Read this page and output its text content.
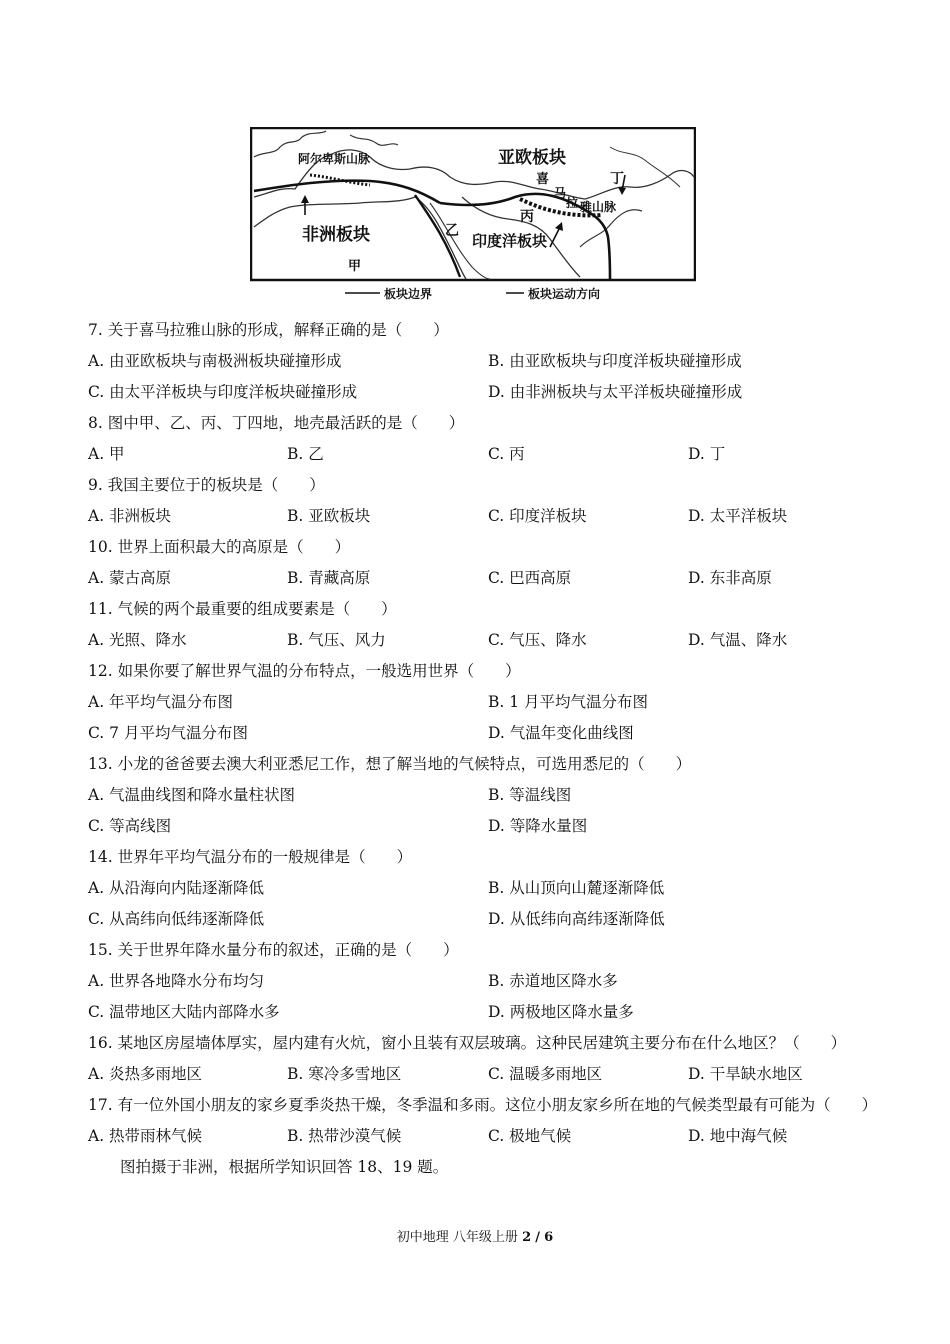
亚欧板块
阿尔卑斯山脉
非洲板块	印度洋板块
喜
马
拉 雅山脉
丁
丙
乙
甲
板块边界	板块运动方向
7. 关于喜马拉雅山脉的形成，解释正确的是（　　）
A. 由亚欧板块与南极洲板块碰撞形成	B. 由亚欧板块与印度洋板块碰撞形成
C. 由太平洋板块与印度洋板块碰撞形成	D. 由非洲板块与太平洋板块碰撞形成
8. 图中甲、乙、丙、丁四地，地壳最活跃的是（　　）
A. 甲	B. 乙	C. 丙	D. 丁
9. 我国主要位于的板块是（　　）
A. 非洲板块	B. 亚欧板块	C. 印度洋板块	D. 太平洋板块
10. 世界上面积最大的高原是（　　）
A. 蒙古高原	B. 青藏高原	C. 巴西高原	D. 东非高原
11. 气候的两个最重要的组成要素是（　　）
A. 光照、降水	B. 气压、风力	C. 气压、降水	D. 气温、降水
12. 如果你要了解世界气温的分布特点，一般选用世界（　　）
A. 年平均气温分布图	B. 1 月平均气温分布图
C. 7 月平均气温分布图	D. 气温年变化曲线图
13. 小龙的爸爸要去澳大利亚悉尼工作，想了解当地的气候特点，可选用悉尼的（　　）
A. 气温曲线图和降水量柱状图	B. 等温线图
C. 等高线图	D. 等降水量图
14. 世界年平均气温分布的一般规律是（　　）
A. 从沿海向内陆逐渐降低	B. 从山顶向山麓逐渐降低
C. 从高纬向低纬逐渐降低	D. 从低纬向高纬逐渐降低
15. 关于世界年降水量分布的叙述，正确的是（　　）
A. 世界各地降水分布均匀	B. 赤道地区降水多
C. 温带地区大陆内部降水多	D. 两极地区降水量多
16. 某地区房屋墙体厚实，屋内建有火炕，窗小且装有双层玻璃。这种民居建筑主要分布在什么地区？（　　）
A. 炎热多雨地区	B. 寒冷多雪地区	C. 温暖多雨地区	D. 干旱缺水地区
17. 有一位外国小朋友的家乡夏季炎热干燥，冬季温和多雨。这位小朋友家乡所在地的气候类型最有可能为（　　）
A. 热带雨林气候	B. 热带沙漠气候	C. 极地气候	D. 地中海气候
图拍摄于非洲，根据所学知识回答 18、19 题。
初中地理 八年级上册 2 / 6
